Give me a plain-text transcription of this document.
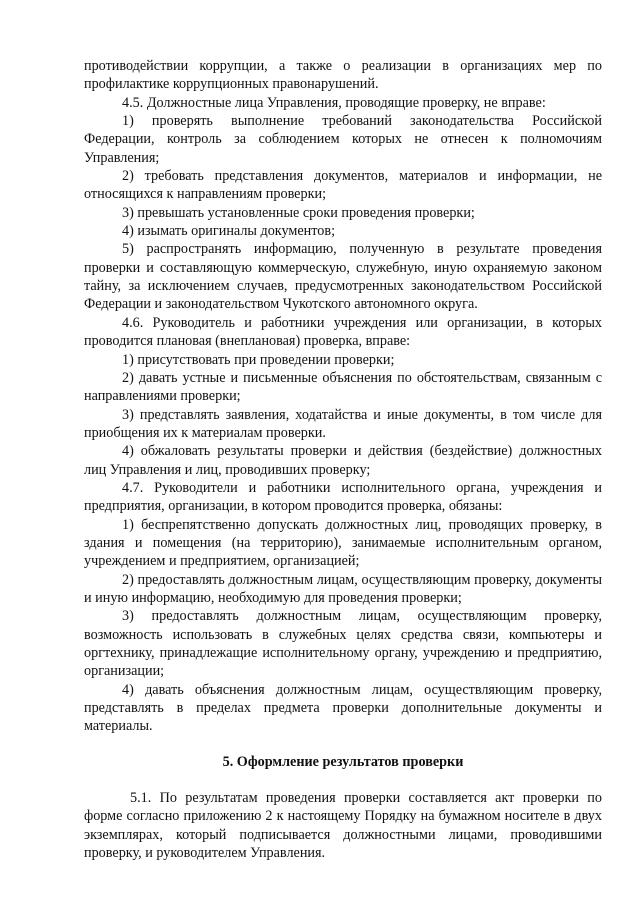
противодействии коррупции, а также о реализации в организациях мер по профилактике коррупционных правонарушений.

4.5. Должностные лица Управления, проводящие проверку, не вправе:

1) проверять выполнение требований законодательства Российской Федерации, контроль за соблюдением которых не отнесен к полномочиям Управления;

2) требовать представления документов, материалов и информации, не относящихся к направлениям проверки;

3) превышать установленные сроки проведения проверки;

4) изымать оригиналы документов;

5) распространять информацию, полученную в результате проведения проверки и составляющую коммерческую, служебную, иную охраняемую законом тайну, за исключением случаев, предусмотренных законодательством Российской Федерации и законодательством Чукотского автономного округа.

4.6. Руководитель и работники учреждения или организации, в которых проводится плановая (внеплановая) проверка, вправе:

1) присутствовать при проведении проверки;

2) давать устные и письменные объяснения по обстоятельствам, связанным с направлениями проверки;

3) представлять заявления, ходатайства и иные документы, в том числе для приобщения их к материалам проверки.

4) обжаловать результаты проверки и действия (бездействие) должностных лиц Управления и лиц, проводивших проверку;

4.7. Руководители и работники исполнительного органа, учреждения и предприятия, организации, в котором проводится проверка, обязаны:

1) беспрепятственно допускать должностных лиц, проводящих проверку, в здания и помещения (на территорию), занимаемые исполнительным органом, учреждением и предприятием, организацией;

2) предоставлять должностным лицам, осуществляющим проверку, документы и иную информацию, необходимую для проведения проверки;

3) предоставлять должностным лицам, осуществляющим проверку, возможность использовать в служебных целях средства связи, компьютеры и оргтехнику, принадлежащие исполнительному органу, учреждению и предприятию, организации;

4) давать объяснения должностным лицам, осуществляющим проверку, представлять в пределах предмета проверки дополнительные документы и материалы.

5. Оформление результатов проверки

5.1. По результатам проведения проверки составляется акт проверки по форме согласно приложению 2 к настоящему Порядку на бумажном носителе в двух экземплярах, который подписывается должностными лицами, проводившими проверку, и руководителем Управления.
